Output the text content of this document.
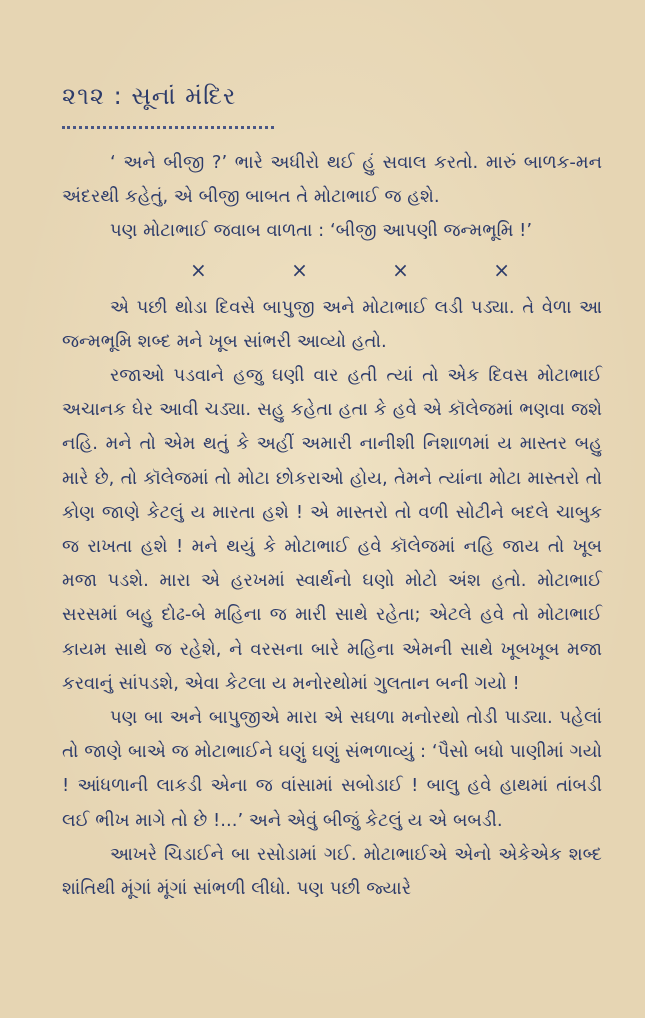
૨૧૨ : સૂનાં મંદિર

‘ અને બીજી ?’ ભારે અધીરો થઈ હું સવાલ કરતો. મારું બાળક-મન અંદરથી કહેતું, એ બીજી બાબત તે મોટાભાઈ જ હશે.

પણ મોટાભાઈ જવાબ વાળતા : ‘બીજી આપણી જન્મભૂમિ !’

×	×	×	×

એ પછી થોડા દિવસે બાપુજી અને મોટાભાઈ લડી પડ્યા. તે વેળા આ જન્મભૂમિ શબ્દ મને ખૂબ સાંભરી આવ્યો હતો.

રજાઓ પડવાને હજુ ઘણી વાર હતી ત્યાં તો એક દિવસ મોટાભાઈ અચાનક ઘેર આવી ચડ્યા. સહુ કહેતા હતા કે હવે એ કૉલેજમાં ભણવા જશે નહિ. મને તો એમ થતું કે અહીં અમારી નાનીશી નિશાળમાં ય માસ્તર બહુ મારે છે, તો કૉલેજમાં તો મોટા છોકરાઓ હોય, તેમને ત્યાંના મોટા માસ્તરો તો કોણ જાણે કેટલું ય મારતા હશે ! એ માસ્તરો તો વળી સોટીને બદલે ચાબુક જ રાખતા હશે ! મને થયું કે મોટાભાઈ હવે કૉલેજમાં નહિ જાય તો ખૂબ મજા પડશે. મારા એ હરખમાં સ્વાર્થનો ઘણો મોટો અંશ હતો. મોટાભાઈ સરસમાં બહુ દોઢ-બે મહિના જ મારી સાથે રહેતા; એટલે હવે તો મોટાભાઈ કાયમ સાથે જ રહેશે, ને વરસના બારે મહિના એમની સાથે ખૂબખૂબ મજા કરવાનું સાંપડશે, એવા કેટલા ય મનોરથોમાં ગુલતાન બની ગયો !

પણ બા અને બાપુજીએ મારા એ સઘળા મનોરથો તોડી પાડ્યા. પહેલાં તો જાણે બાએ જ મોટાભાઈને ઘણું ઘણું સંભળાવ્યું : ‘પૈસો બધો પાણીમાં ગયો ! આંધળાની લાકડી એના જ વાંસામાં સબોડાઈ ! બાલુ હવે હાથમાં તાંબડી લઈ ભીખ માગે તો છે !...’ અને એવું બીજું કેટલું ય એ બબડી.

આખરે ચિડાઈને બા રસોડામાં ગઈ. મોટાભાઈએ એનો એકેએક શબ્દ શાંતિથી મૂંગાં મૂંગાં સાંભળી લીધો. પણ પછી જ્યારે
